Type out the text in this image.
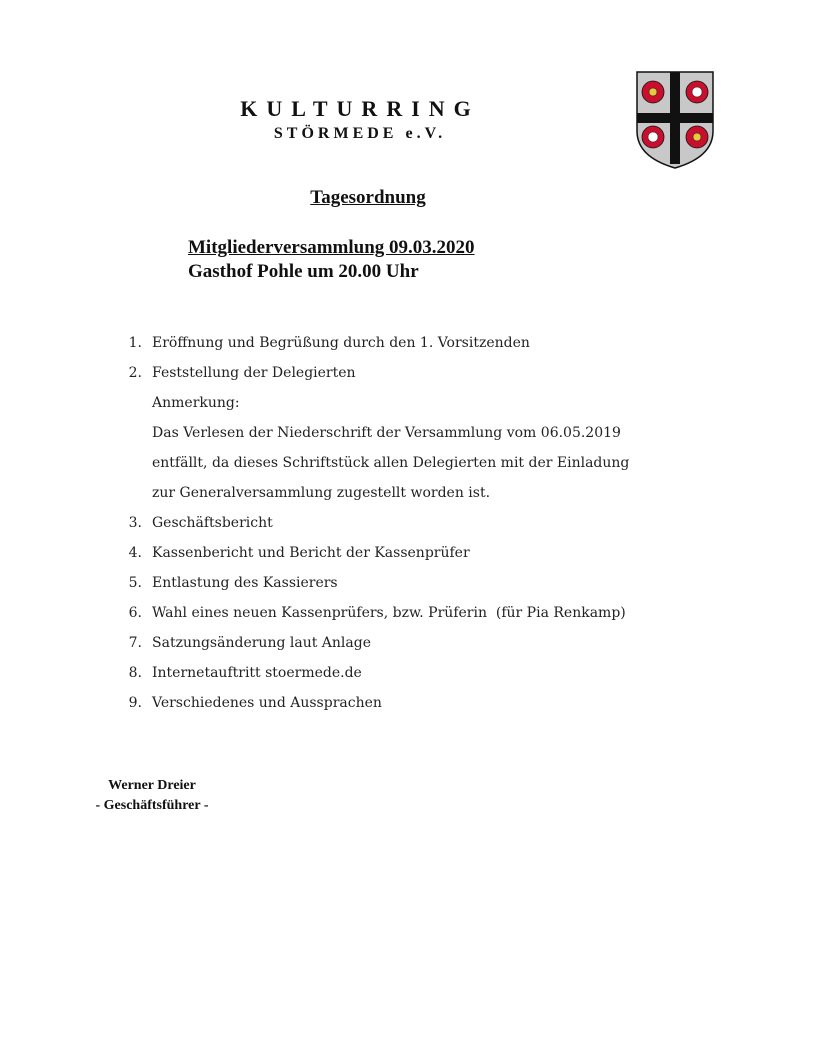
KULTURRING
STÖRMEDE e.V.
Tagesordnung
Mitgliederversammlung 09.03.2020
Gasthof Pohle um 20.00 Uhr
1. Eröffnung und Begrüßung durch den 1. Vorsitzenden
2. Feststellung der Delegierten
Anmerkung:
Das Verlesen der Niederschrift der Versammlung vom 06.05.2019
entfällt, da dieses Schriftstück allen Delegierten mit der Einladung
zur Generalversammlung zugestellt worden ist.
3. Geschäftsbericht
4. Kassenbericht und Bericht der Kassenprüfer
5. Entlastung des Kassierers
6. Wahl eines neuen Kassenprüfers, bzw. Prüferin  (für Pia Renkamp)
7. Satzungsänderung laut Anlage
8. Internetauftritt stoermede.de
9. Verschiedenes und Aussprachen
Werner Dreier
- Geschäftsführer -
